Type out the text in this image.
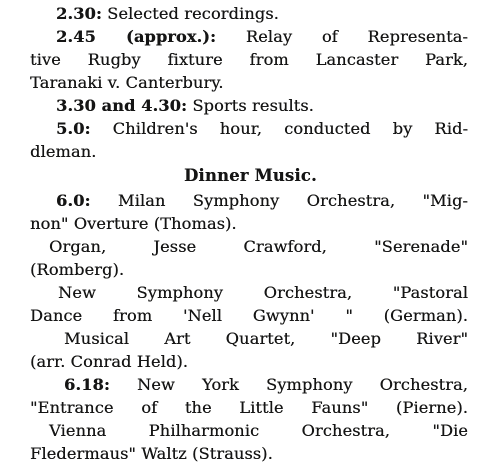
2.30: Selected recordings.
2.45 (approx.): Relay of Representa-
tive Rugby fixture from Lancaster Park,
Taranaki v. Canterbury.
3.30 and 4.30: Sports results.
5.0: Children's hour, conducted by Rid-
dleman.
Dinner Music.
6.0: Milan Symphony Orchestra, "Mig-
non" Overture (Thomas).
Organ, Jesse Crawford, "Serenade"
(Romberg).
New Symphony Orchestra, "Pastoral
Dance from 'Nell Gwynn' " (German).
Musical Art Quartet, "Deep River"
(arr. Conrad Held).
6.18: New York Symphony Orchestra,
"Entrance of the Little Fauns" (Pierne).
Vienna Philharmonic Orchestra, "Die
Fledermaus" Waltz (Strauss).
